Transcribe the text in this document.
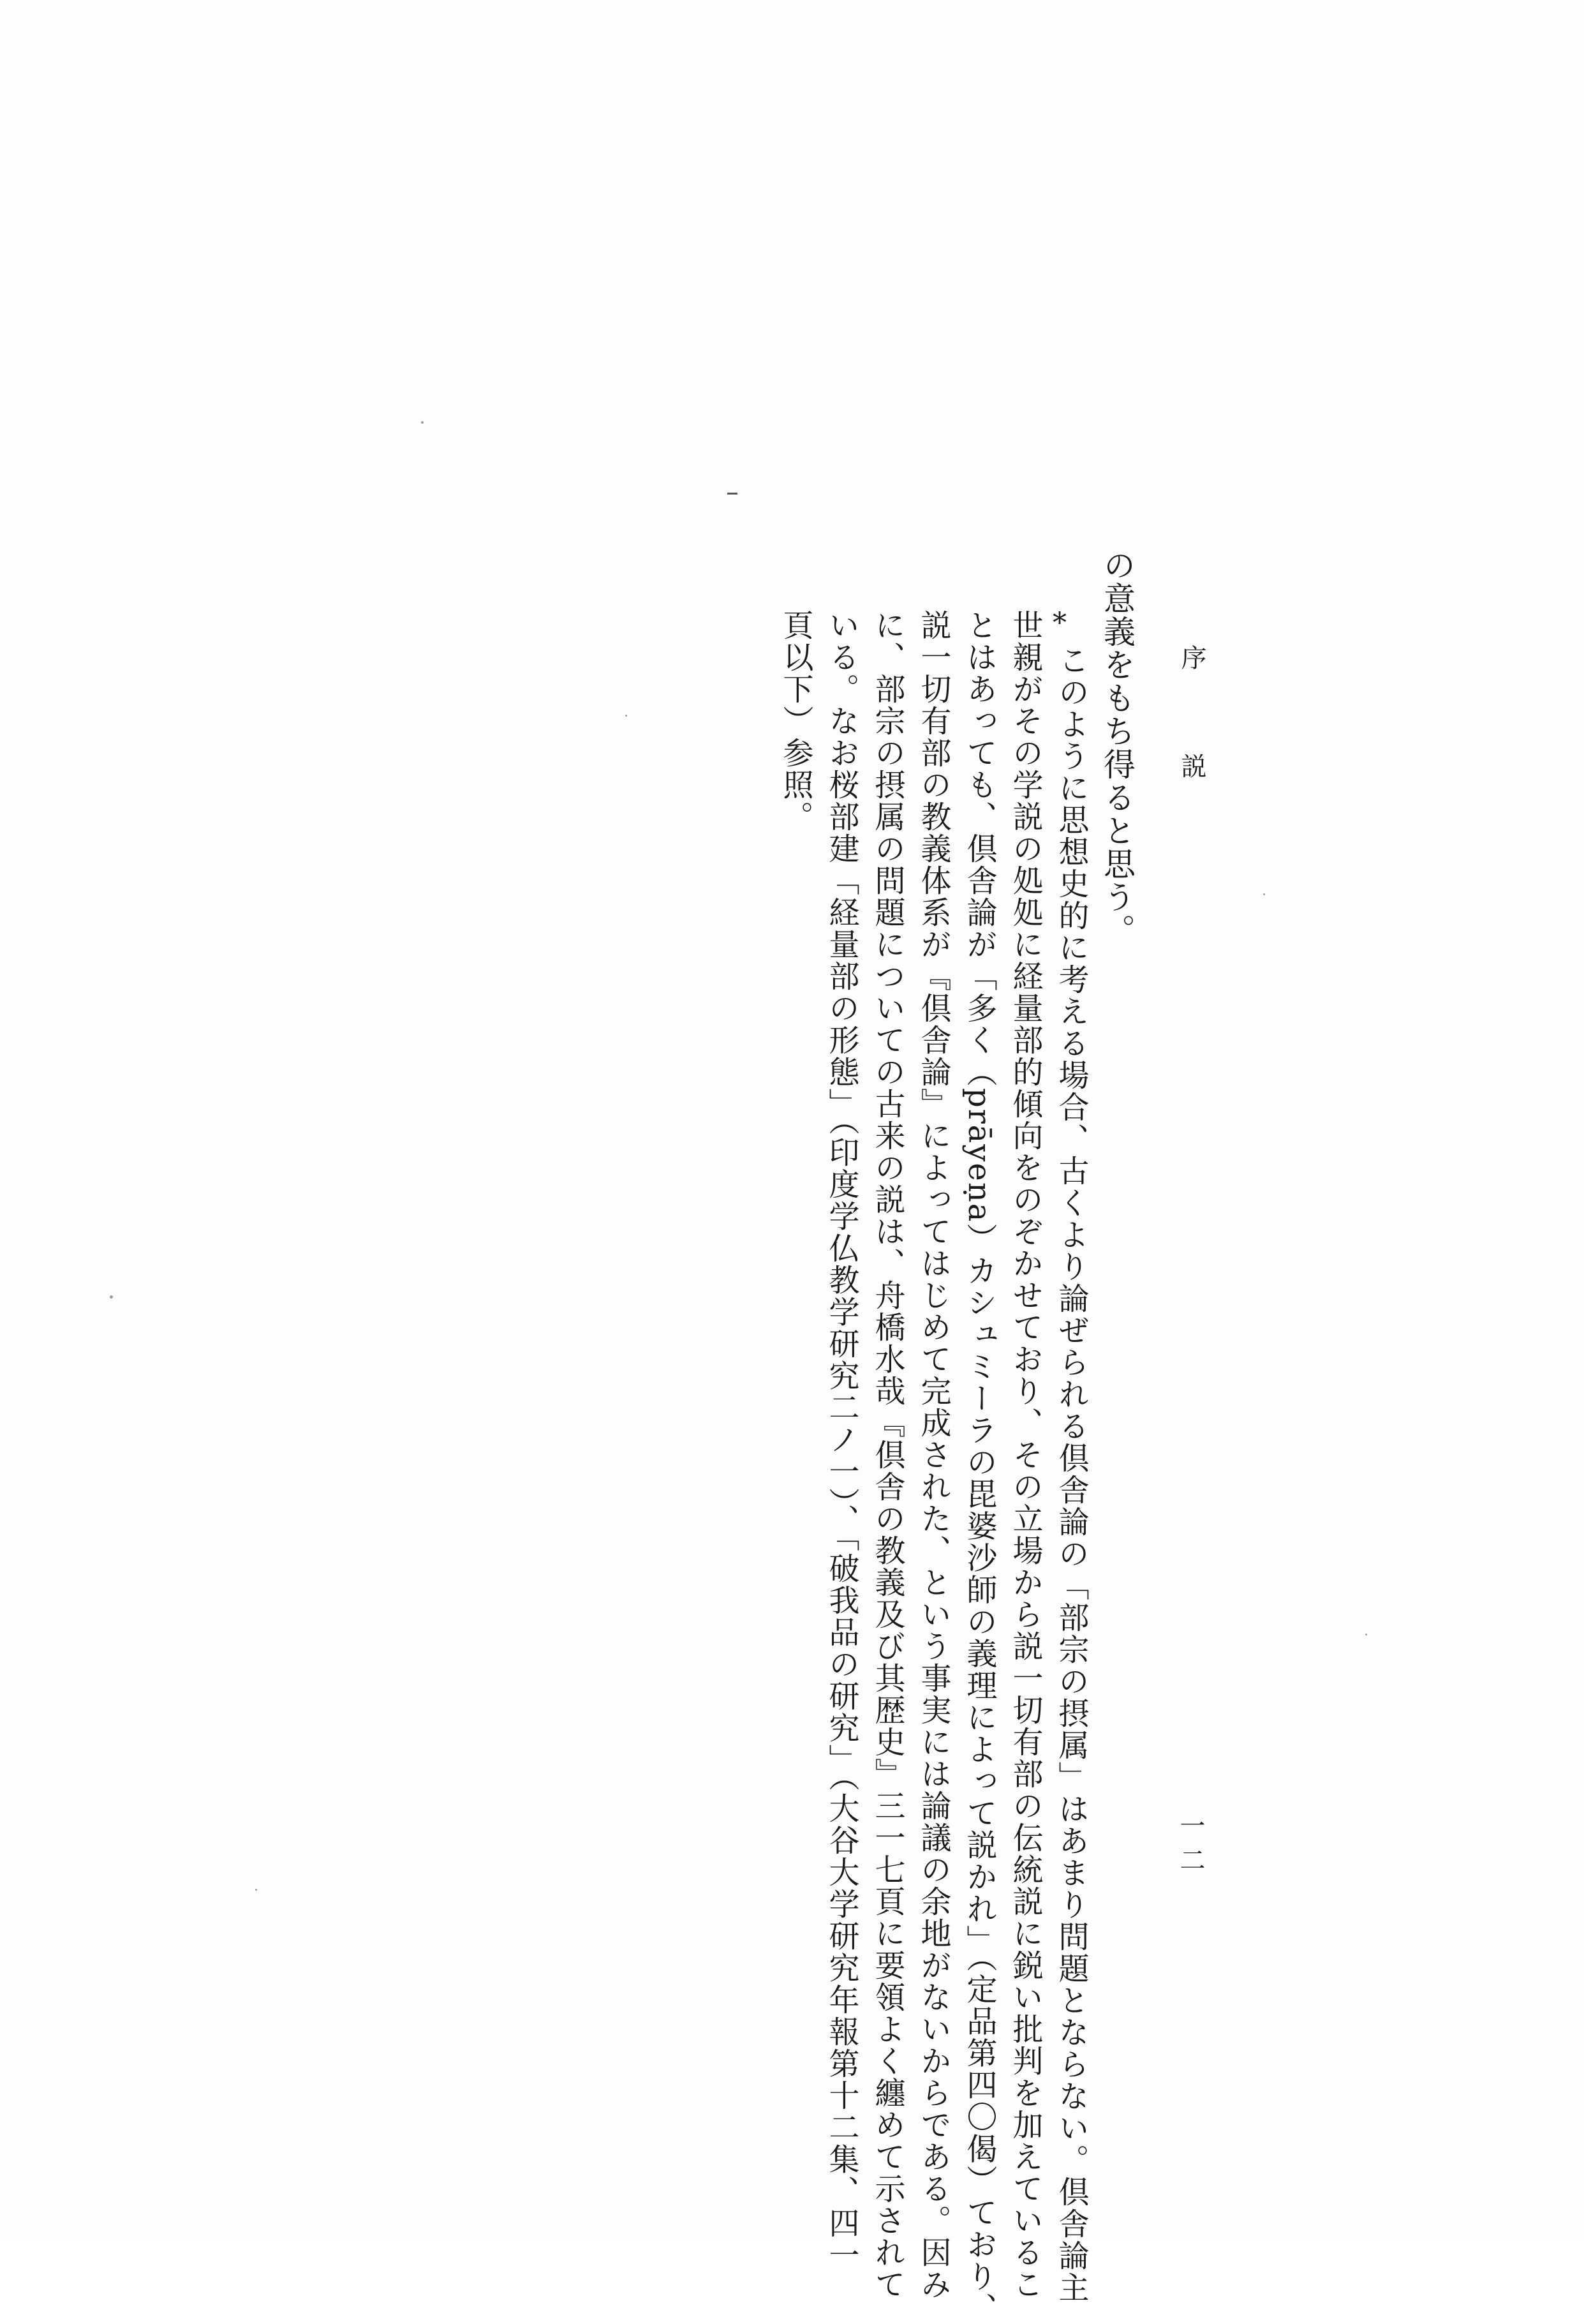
序説
一二
の意義をもち得ると思う。
*
このように思想史的に考える場合、古くより論ぜられる倶舎論の「部宗の摂属」はあまり問題とならない。倶舎論主
世親がその学説の処処に経量部的傾向をのぞかせており、その立場から説一切有部の伝統説に鋭い批判を加えているこ
とはあっても、倶舎論が「多く（prāyeṇa）カシュミーラの毘婆沙師の義理によって説かれ」（定品第四〇偈）ており、
説一切有部の教義体系が『倶舎論』によってはじめて完成された、という事実には論議の余地がないからである。因み
に、部宗の摂属の問題についての古来の説は、舟橋水哉『倶舎の教義及び其歴史』三一七頁に要領よく纏めて示されて
いる。なお桜部建「経量部の形態」（印度学仏教学研究二ノ一）、「破我品の研究」（大谷大学研究年報第十二集、四一
頁以下）参照。
